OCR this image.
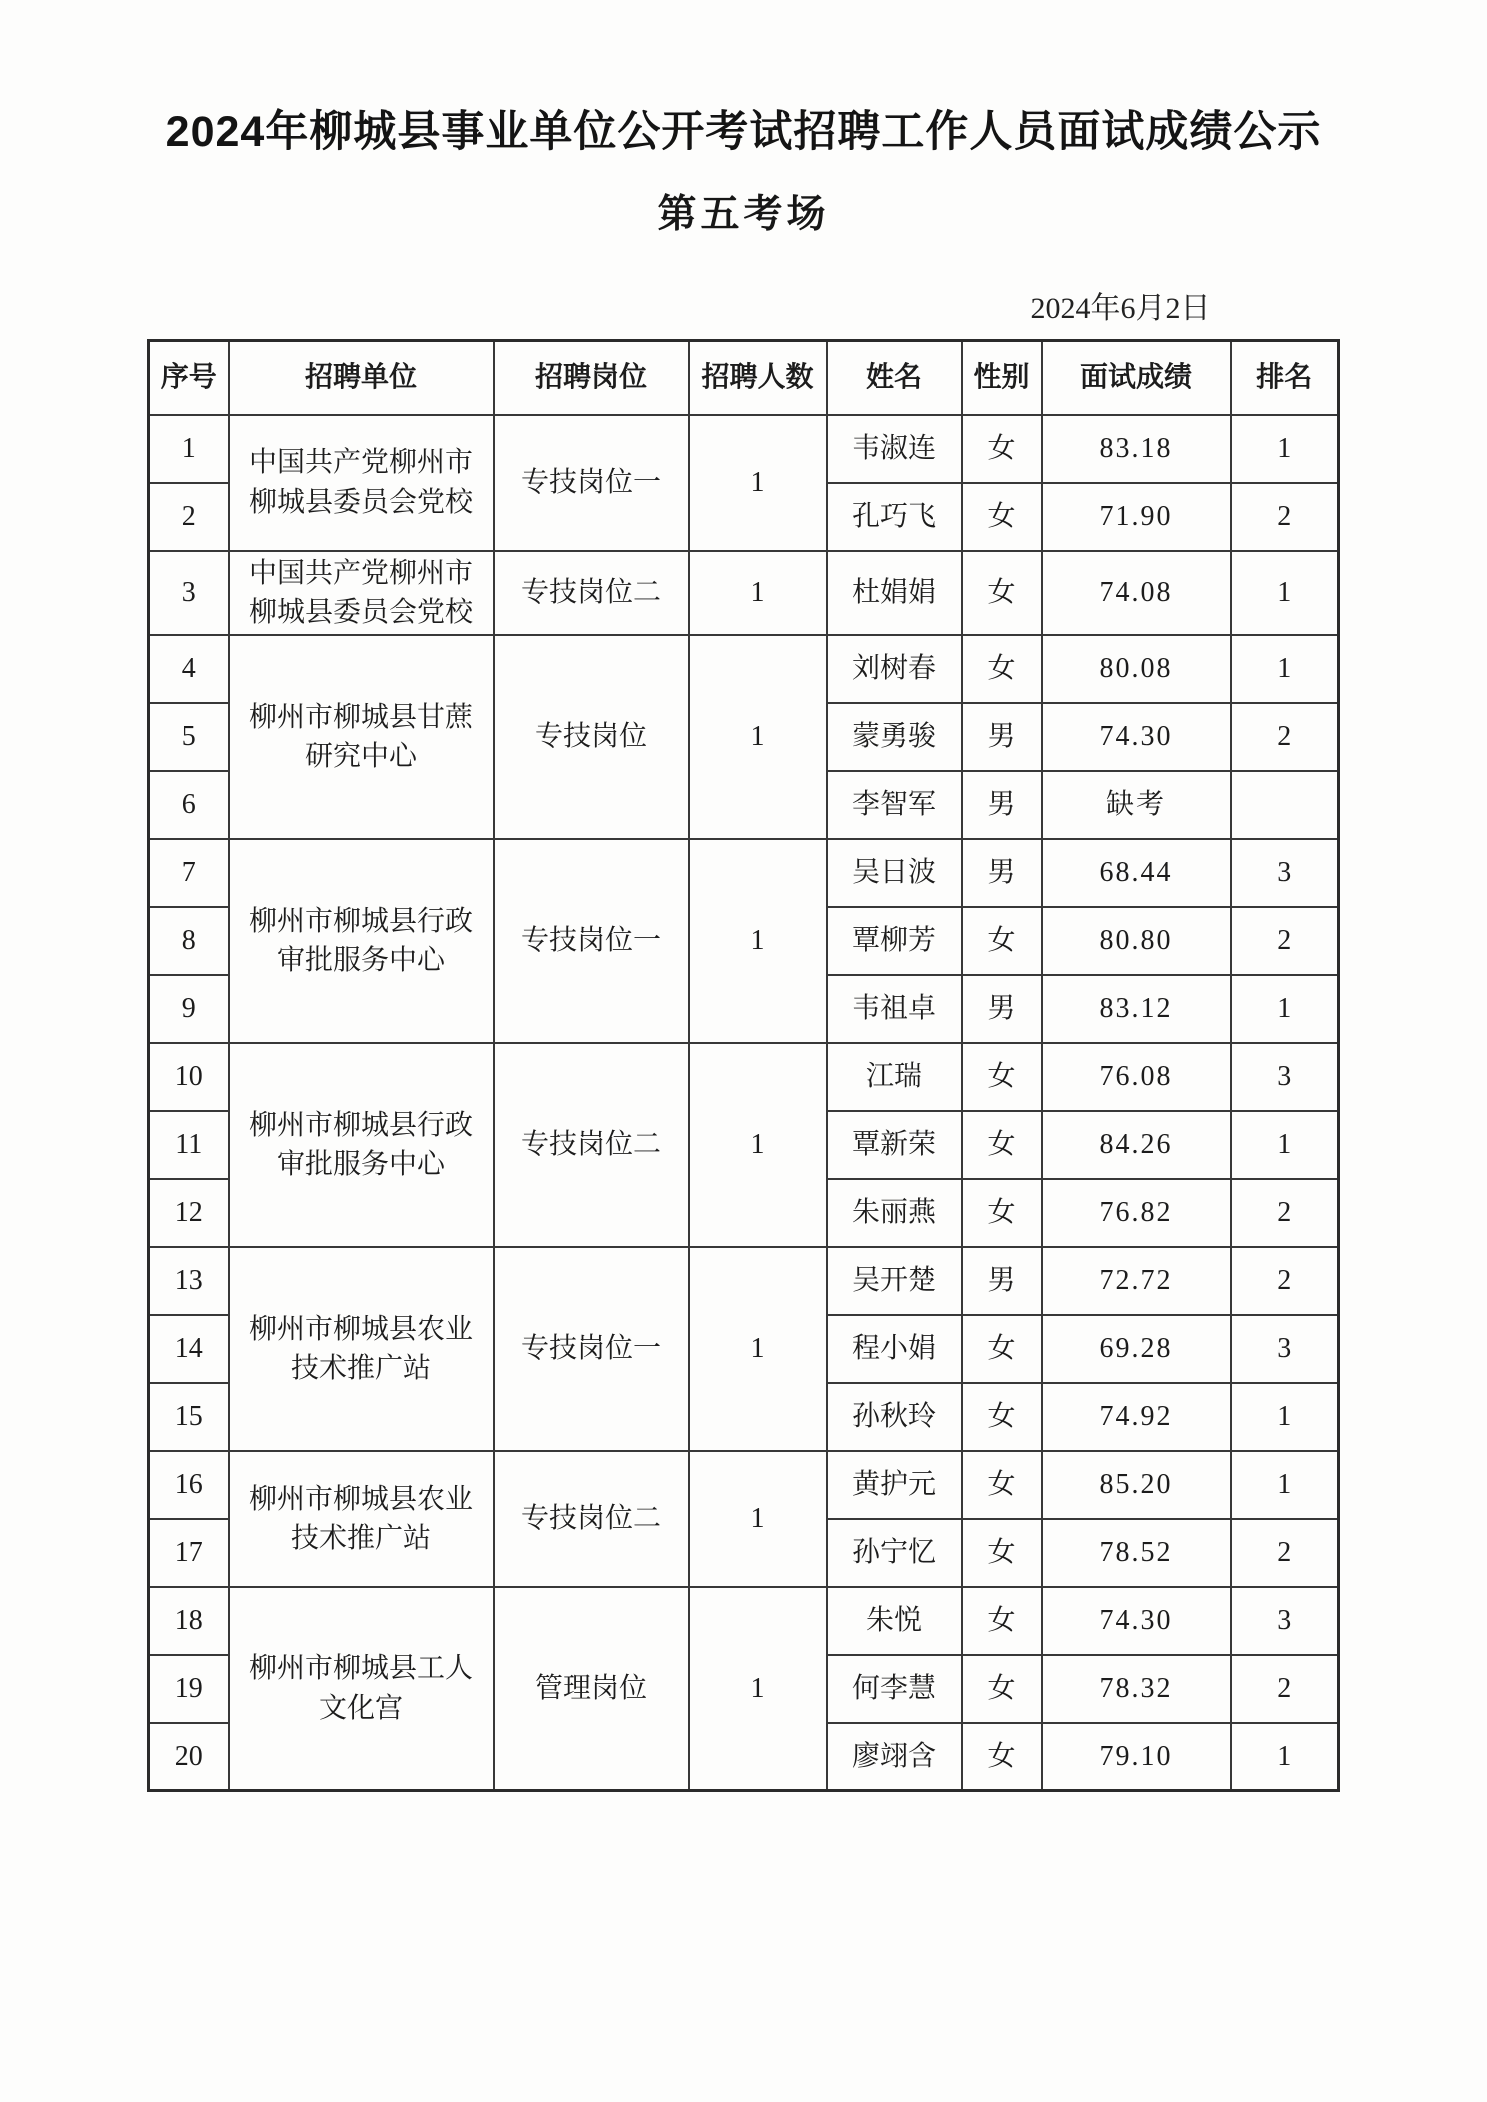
2024年柳城县事业单位公开考试招聘工作人员面试成绩公示
第五考场
2024年6月2日
序号	招聘单位	招聘岗位	招聘人数	姓名	性别	面试成绩	排名
1	中国共产党柳州市柳城县委员会党校	专技岗位一	1	韦淑连	女	83.18	1
2				孔巧飞	女	71.90	2
3	中国共产党柳州市柳城县委员会党校	专技岗位二	1	杜娟娟	女	74.08	1
4	柳州市柳城县甘蔗研究中心	专技岗位	1	刘树春	女	80.08	1
5				蒙勇骏	男	74.30	2
6				李智军	男	缺考	
7	柳州市柳城县行政审批服务中心	专技岗位一	1	吴日波	男	68.44	3
8				覃柳芳	女	80.80	2
9				韦祖卓	男	83.12	1
10	柳州市柳城县行政审批服务中心	专技岗位二	1	江瑞	女	76.08	3
11				覃新荣	女	84.26	1
12				朱丽燕	女	76.82	2
13	柳州市柳城县农业技术推广站	专技岗位一	1	吴开楚	男	72.72	2
14				程小娟	女	69.28	3
15				孙秋玲	女	74.92	1
16	柳州市柳城县农业技术推广站	专技岗位二	1	黄护元	女	85.20	1
17				孙宁忆	女	78.52	2
18	柳州市柳城县工人文化宫	管理岗位	1	朱悦	女	74.30	3
19				何李慧	女	78.32	2
20				廖翊含	女	79.10	1
